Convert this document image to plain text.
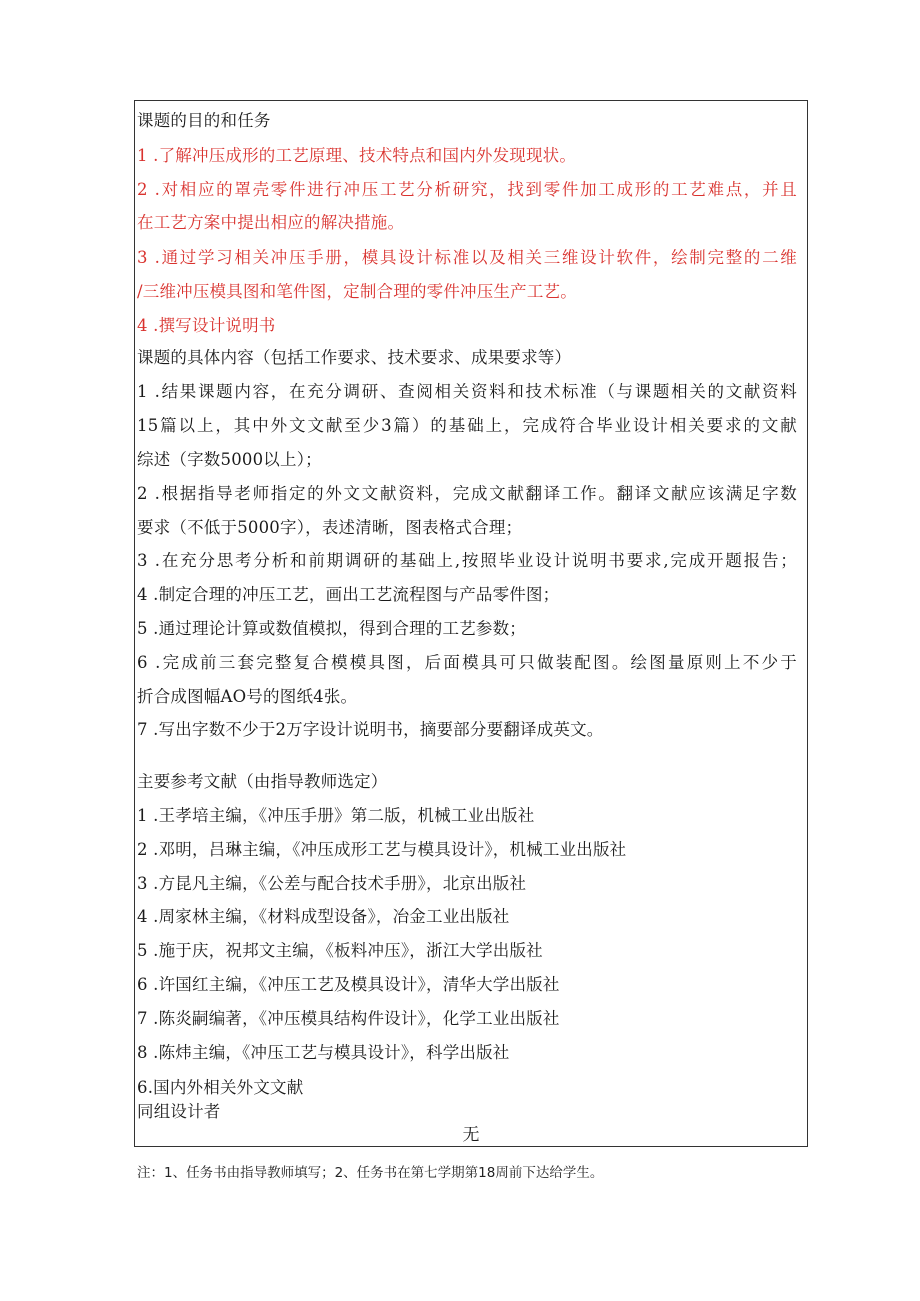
课题的目的和任务
1 .了解冲压成形的工艺原理、技术特点和国内外发现现状。
2 .对相应的罩壳零件进行冲压工艺分析研究，找到零件加工成形的工艺难点，并且
在工艺方案中提出相应的解决措施。
3 .通过学习相关冲压手册，模具设计标准以及相关三维设计软件，绘制完整的二维
/三维冲压模具图和笔件图，定制合理的零件冲压生产工艺。
4 .撰写设计说明书
课题的具体内容（包括工作要求、技术要求、成果要求等）
1 .结果课题内容，在充分调研、查阅相关资料和技术标准（与课题相关的文献资料
15篇以上，其中外文文献至少3篇）的基础上，完成符合毕业设计相关要求的文献
综述（字数5000以上）；
2 .根据指导老师指定的外文文献资料，完成文献翻译工作。翻译文献应该满足字数
要求（不低于5000字），表述清晰，图表格式合理；
3 .在充分思考分析和前期调研的基础上,按照毕业设计说明书要求,完成开题报告；
4 .制定合理的冲压工艺，画出工艺流程图与产品零件图；
5 .通过理论计算或数值模拟，得到合理的工艺参数；
6 .完成前三套完整复合模模具图，后面模具可只做装配图。绘图量原则上不少于
折合成图幅AO号的图纸4张。
7 .写出字数不少于2万字设计说明书，摘要部分要翻译成英文。
主要参考文献（由指导教师选定）
1 .王孝培主编，《冲压手册》第二版，机械工业出版社
2 .邓明，吕琳主编，《冲压成形工艺与模具设计》，机械工业出版社
3 .方昆凡主编，《公差与配合技术手册》，北京出版社
4 .周家林主编，《材料成型设备》，冶金工业出版社
5 .施于庆，祝邦文主编，《板料冲压》，浙江大学出版社
6 .许国红主编，《冲压工艺及模具设计》，清华大学出版社
7 .陈炎嗣编著，《冲压模具结构件设计》，化学工业出版社
8 .陈炜主编，《冲压工艺与模具设计》，科学出版社
6.国内外相关外文文献
同组设计者
无
注：1、任务书由指导教师填写；2、任务书在第七学期第18周前下达给学生。
